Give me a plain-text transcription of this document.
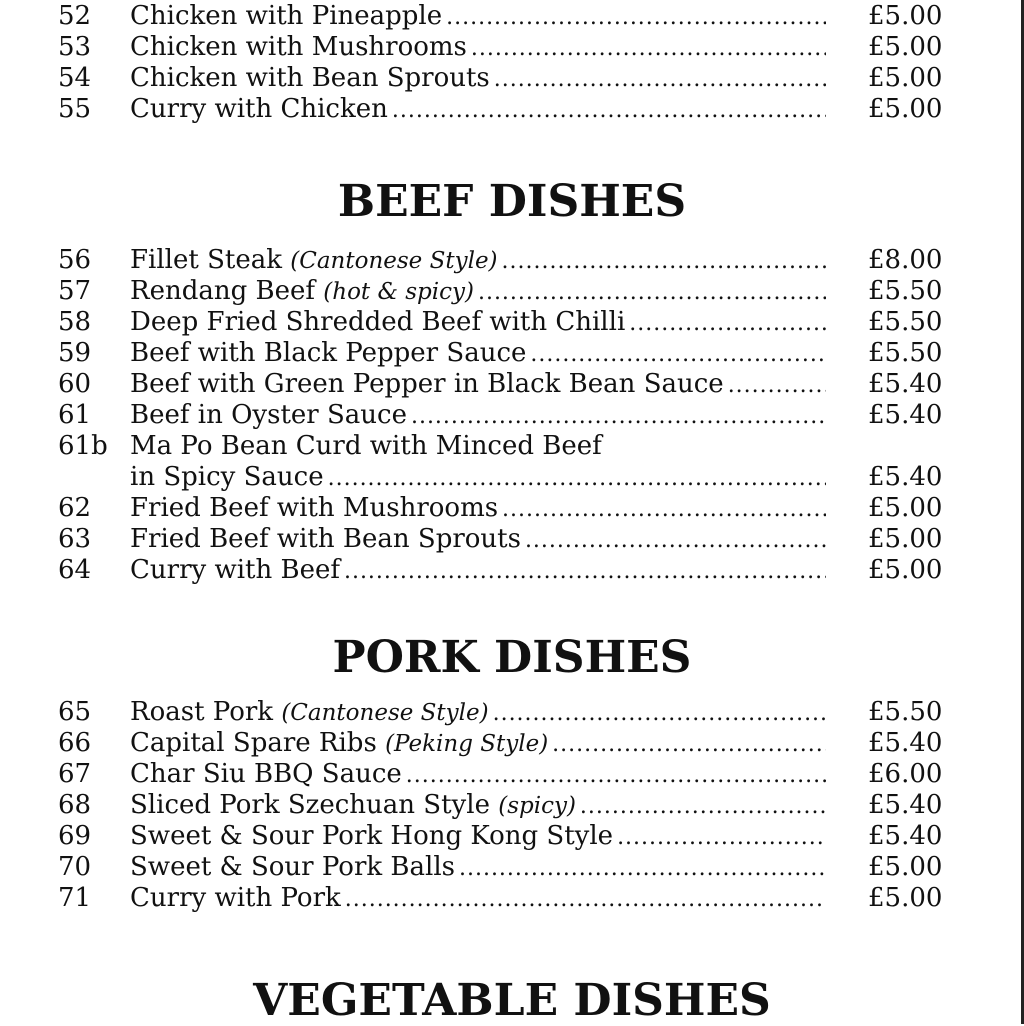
52	Chicken with Pineapple . . .	£5.00
53	Chicken with Mushrooms . . .	£5.00
54	Chicken with Bean Sprouts . . .	£5.00
55	Curry with Chicken . . .	£5.00
BEEF DISHES
56	Fillet Steak (Cantonese Style) . . .	£8.00
57	Rendang Beef (hot & spicy) . . .	£5.50
58	Deep Fried Shredded Beef with Chilli . . .	£5.50
59	Beef with Black Pepper Sauce . . .	£5.50
60	Beef with Green Pepper in Black Bean Sauce . . .	£5.40
61	Beef in Oyster Sauce . . .	£5.40
61b Ma Po Bean Curd with Minced Beef
in Spicy Sauce . . .	£5.40
62	Fried Beef with Mushrooms . . .	£5.00
63	Fried Beef with Bean Sprouts . . .	£5.00
64	Curry with Beef . . .	£5.00
PORK DISHES
65	Roast Pork (Cantonese Style) . . .	£5.50
66	Capital Spare Ribs (Peking Style) . . .	£5.40
67	Char Siu BBQ Sauce . . .	£6.00
68	Sliced Pork Szechuan Style (spicy) . . .	£5.40
69	Sweet & Sour Pork Hong Kong Style . . .	£5.40
70	Sweet & Sour Pork Balls . . .	£5.00
71	Curry with Pork . . .	£5.00
VEGETABLE DISHES
